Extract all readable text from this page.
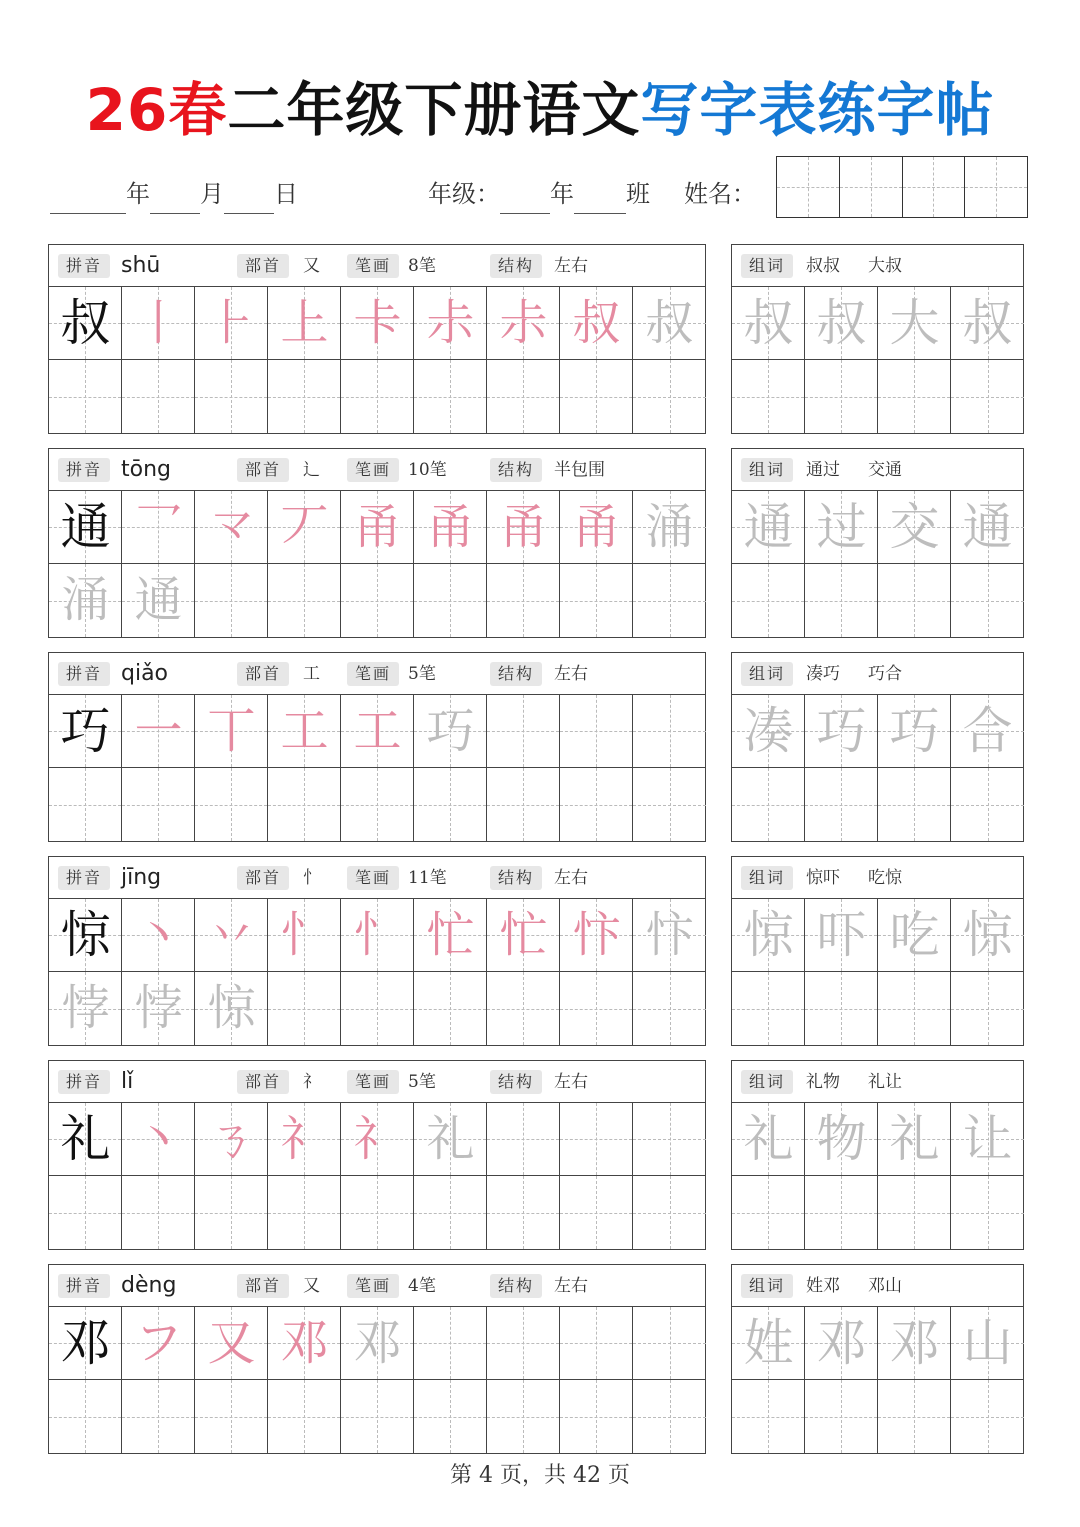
26春二年级下册语文写字表练字帖
年 月 日	年级： 年 班 姓名：
拼音 shū	部首	又	笔画 8笔	结构	左右
叔 丨 ⺊ 上 卡 尗 尗 叔 叔
组词	叔叔 大叔
叔 叔 大 叔
拼音 tōng	部首	辶	笔画 10笔	结构	半包围
通 乛 龴 丆 甬 甬 甬 甬 涌
涌 通
组词	通过 交通
通 过 交 通
拼音 qiǎo	部首	工	笔画 5笔	结构	左右
巧 一 丅 工 工 巧
组词	凑巧 巧合
凑 巧 巧 合
拼音 jīng	部首	忄	笔画 11笔	结构	左右
惊 丶 丷 忄 忄 忙 忙 忭 忭
悖 悖 惊
组词	惊吓 吃惊
惊 吓 吃 惊
拼音 lǐ	部首	礻	笔画 5笔	结构	左右
礼 丶 ㄋ 礻 礻 礼
组词	礼物 礼让
礼 物 礼 让
拼音 dèng	部首	又	笔画 4笔	结构	左右
邓 フ 又 邓 邓
组词	姓邓 邓山
姓 邓 邓 山
第 4 页，共 42 页
